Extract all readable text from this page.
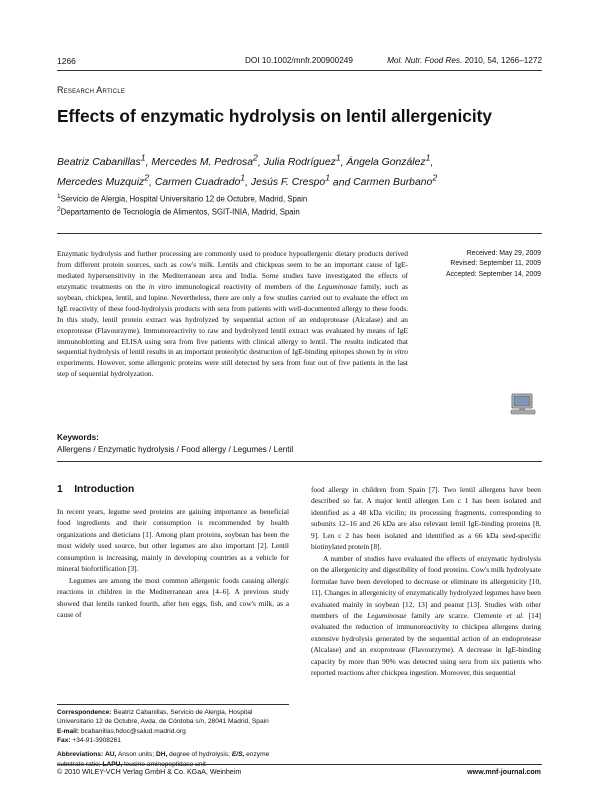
1266	DOI 10.1002/mnfr.200900249	Mol. Nutr. Food Res. 2010, 54, 1266–1272
Research Article
Effects of enzymatic hydrolysis on lentil allergenicity
Beatriz Cabanillas$^1$, Mercedes M. Pedrosa$^2$, Julia Rodríguez$^1$, Ángela González$^1$,
Mercedes Muzquiz$^2$, Carmen Cuadrado$^1$, Jesús F. Crespo$^1$ and Carmen Burbano$^2$
$^1$Servicio de Alergia, Hospital Universitario 12 de Octubre, Madrid, Spain
$^2$Departamento de Tecnología de Alimentos, SGIT-INIA, Madrid, Spain
Enzymatic hydrolysis and further processing are commonly used to produce hypoallergenic dietary products derived from different protein sources, such as cow's milk. Lentils and chickpeas seem to be an important cause of IgE-mediated hypersensitivity in the Mediterranean area and India. Some studies have investigated the effects of enzymatic treatments on the in vitro immunological reactivity of members of the Leguminosae family, such as soybean, chickpea, lentil, and lupine. Nevertheless, there are only a few studies carried out to evaluate the effect on IgE reactivity of these food-hydrolysis products with sera from patients with well-documented allergy to these foods. In this study, lentil protein extract was hydrolyzed by sequential action of an endoprotease (Alcalase) and an exoprotease (Flavourzyme). Immunoreactivity to raw and hydrolyzed lentil extract was evaluated by means of IgE immunoblotting and ELISA using sera from five patients with clinical allergy to lentil. The results indicated that sequential hydrolysis of lentil results in an important proteolytic destruction of IgE-binding epitopes shown by in vitro experiments. However, some allergenic proteins were still detected by sera from four out of five patients in the last step of sequential hydrolyzation.
Received: May 29, 2009
Revised: September 11, 2009
Accepted: September 14, 2009
Keywords:
Allergens / Enzymatic hydrolysis / Food allergy / Legumes / Lentil
1 Introduction

In recent years, legume seed proteins are gaining importance as beneficial food ingredients and their consumption is recommended by health organizations and dieticians [1]. Among plant proteins, soybean has been the most widely used source, but other legumes are also important [2]. Lentil consumption is increasing, mainly in developing countries as a vehicle for mineral biofortification [3].

Legumes are among the most common allergenic foods causing allergic reactions in children in the Mediterranean area [4–6]. A previous study showed that lentils ranked fourth, after hen eggs, fish, and cow's milk, as a cause of

food allergy in children from Spain [7]. Two lentil allergens have been described so far. A major lentil allergen Len c 1 has been isolated and identified as a 48 kDa vicilin; its processing fragments, corresponding to subunits 12–16 and 26 kDa are also relevant lentil IgE-binding proteins [8, 9]. Len c 2 has been isolated and identified as a 66 kDa seed-specific biotinylated protein [8].

A number of studies have evaluated the effects of enzymatic hydrolysis on the allergenicity and digestibility of food proteins. Cow's milk hydrolysate formulae have been developed to decrease or eliminate its allergenicity [10, 11]. Changes in allergenicity of enzymatically hydrolyzed legumes have been evaluated mainly in soybean [12, 13] and peanut [13]. Studies with other members of the Leguminosae family are scarce. Clemente et al. [14] evaluated the reduction of immunoreactivity to chickpea allergens during extensive hydrolysis generated by the sequential action of an endoprotease (Alcalase) and an exoprotease (Flavourzyme). A decrease in IgE-binding capacity by more than 90% was detected using sera from six patients who reported reactions after chickpea ingestion. Moreover, this sequential

Correspondence: Beatriz Cabanillas, Servicio de Alergia, Hospital Universitario 12 de Octubre, Avda. de Córdoba s/n, 28041 Madrid, Spain
E-mail: bcabanillas.hdoc@salud.madrid.org
Fax: +34-91-3908261
Abbreviations: AU, Anson units; DH, degree of hydrolysis; E/S, enzyme substrate ratio; LAPU, leucine aminopeptidase unit
© 2010 WILEY-VCH Verlag GmbH & Co. KGaA, Weinheim	www.mnf-journal.com
